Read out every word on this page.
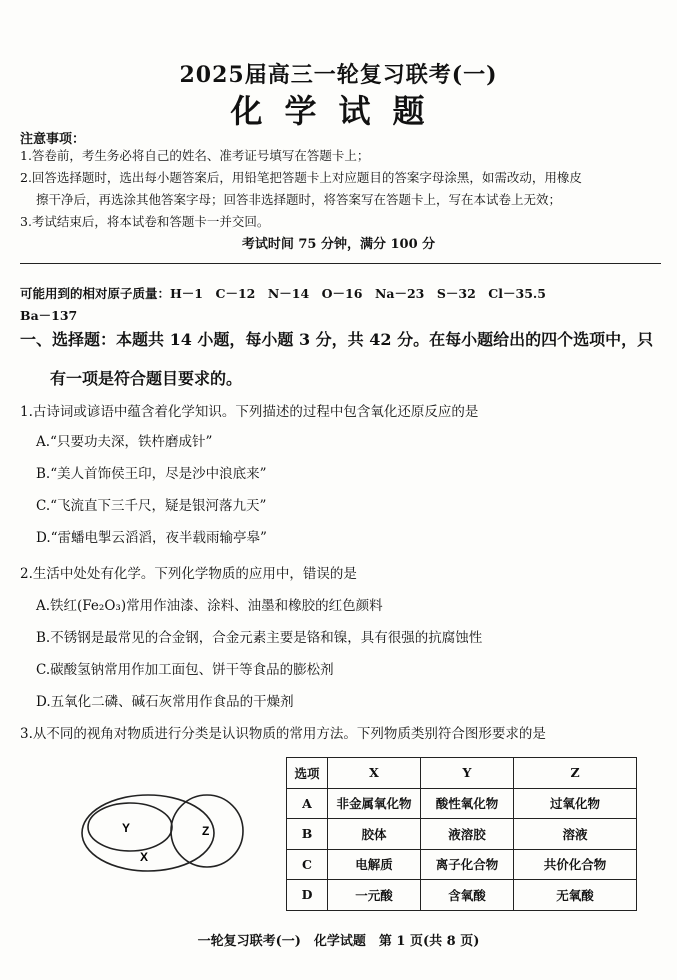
2025届高三一轮复习联考(一)
化学试题
注意事项：
1.答卷前，考生务必将自己的姓名、准考证号填写在答题卡上；
2.回答选择题时，选出每小题答案后，用铅笔把答题卡上对应题目的答案字母涂黑，如需改动，用橡皮
擦干净后，再选涂其他答案字母；回答非选择题时，将答案写在答题卡上，写在本试卷上无效；
3.考试结束后，将本试卷和答题卡一并交回。
考试时间 75 分钟，满分 100 分
可能用到的相对原子质量：H－1　C－12　N－14　O－16　Na－23　S－32　Cl－35.5
Ba－137
一、选择题：本题共 14 小题，每小题 3 分，共 42 分。在每小题给出的四个选项中，只
有一项是符合题目要求的。
1.古诗词或谚语中蕴含着化学知识。下列描述的过程中包含氧化还原反应的是
A.“只要功夫深，铁杵磨成针”
B.“美人首饰侯王印，尽是沙中浪底来”
C.“飞流直下三千尺，疑是银河落九天”
D.“雷蟠电掣云滔滔，夜半载雨输亭皋”
2.生活中处处有化学。下列化学物质的应用中，错误的是
A.铁红(Fe₂O₃)常用作油漆、涂料、油墨和橡胶的红色颜料
B.不锈钢是最常见的合金钢，合金元素主要是铬和镍，具有很强的抗腐蚀性
C.碳酸氢钠常用作加工面包、饼干等食品的膨松剂
D.五氧化二磷、碱石灰常用作食品的干燥剂
3.从不同的视角对物质进行分类是认识物质的常用方法。下列物质类别符合图形要求的是
Y	Z
X
选项	X	Y	Z
A	非金属氧化物	酸性氧化物	过氧化物
B	胶体	液溶胶	溶液
C	电解质	离子化合物	共价化合物
D	一元酸	含氧酸	无氧酸
一轮复习联考(一)　化学试题　第 1 页(共 8 页)
